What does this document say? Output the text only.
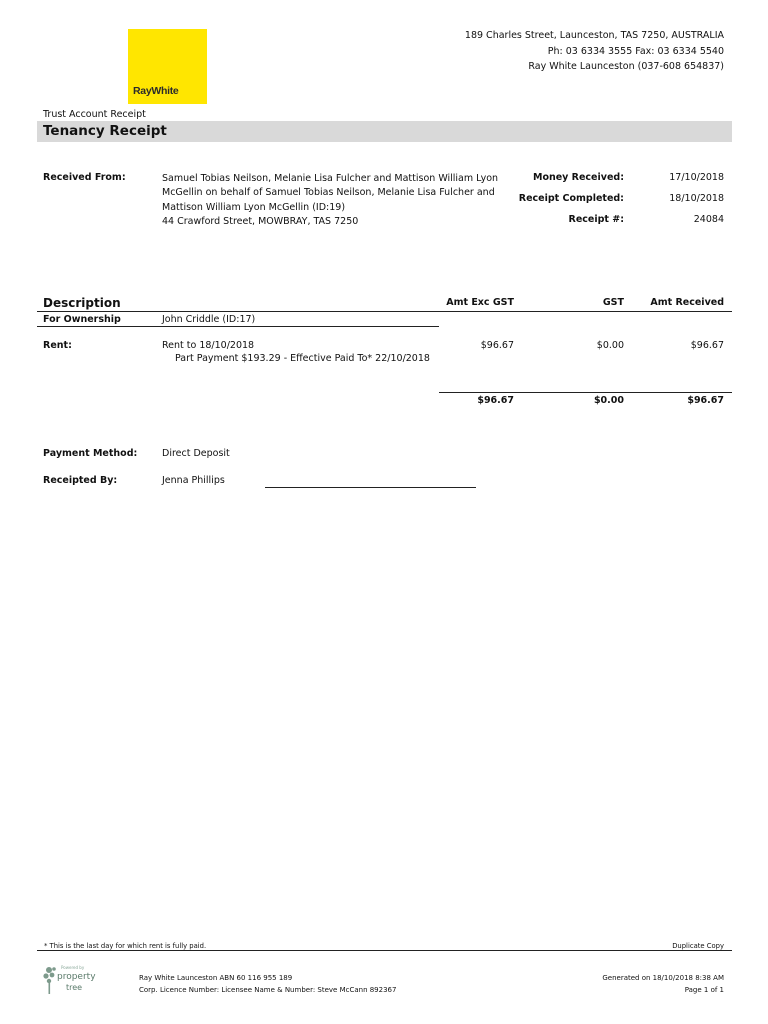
RayWhite
189 Charles Street, Launceston, TAS 7250, AUSTRALIA
Ph: 03 6334 3555 Fax: 03 6334 5540
Ray White Launceston (037-608 654837)
Trust Account Receipt
Tenancy Receipt
Received From:	Samuel Tobias Neilson, Melanie Lisa Fulcher and Mattison William Lyon
McGellin on behalf of Samuel Tobias Neilson, Melanie Lisa Fulcher and
Mattison William Lyon McGellin (ID:19)
44 Crawford Street, MOWBRAY, TAS 7250
Money Received:	17/10/2018
Receipt Completed:	18/10/2018
Receipt #:	24084
Description	Amt Exc GST	GST	Amt Received
For Ownership	John Criddle (ID:17)
Rent:	Rent to 18/10/2018
Part Payment $193.29 - Effective Paid To* 22/10/2018
$96.67	$0.00	$96.67
$96.67	$0.00	$96.67
Payment Method:	Direct Deposit
Receipted By:	Jenna Phillips
* This is the last day for which rent is fully paid.	Duplicate Copy
Powered by
property
tree
Ray White Launceston ABN 60 116 955 189
Corp. Licence Number: Licensee Name & Number: Steve McCann 892367
Generated on 18/10/2018 8:38 AM
Page 1 of 1
